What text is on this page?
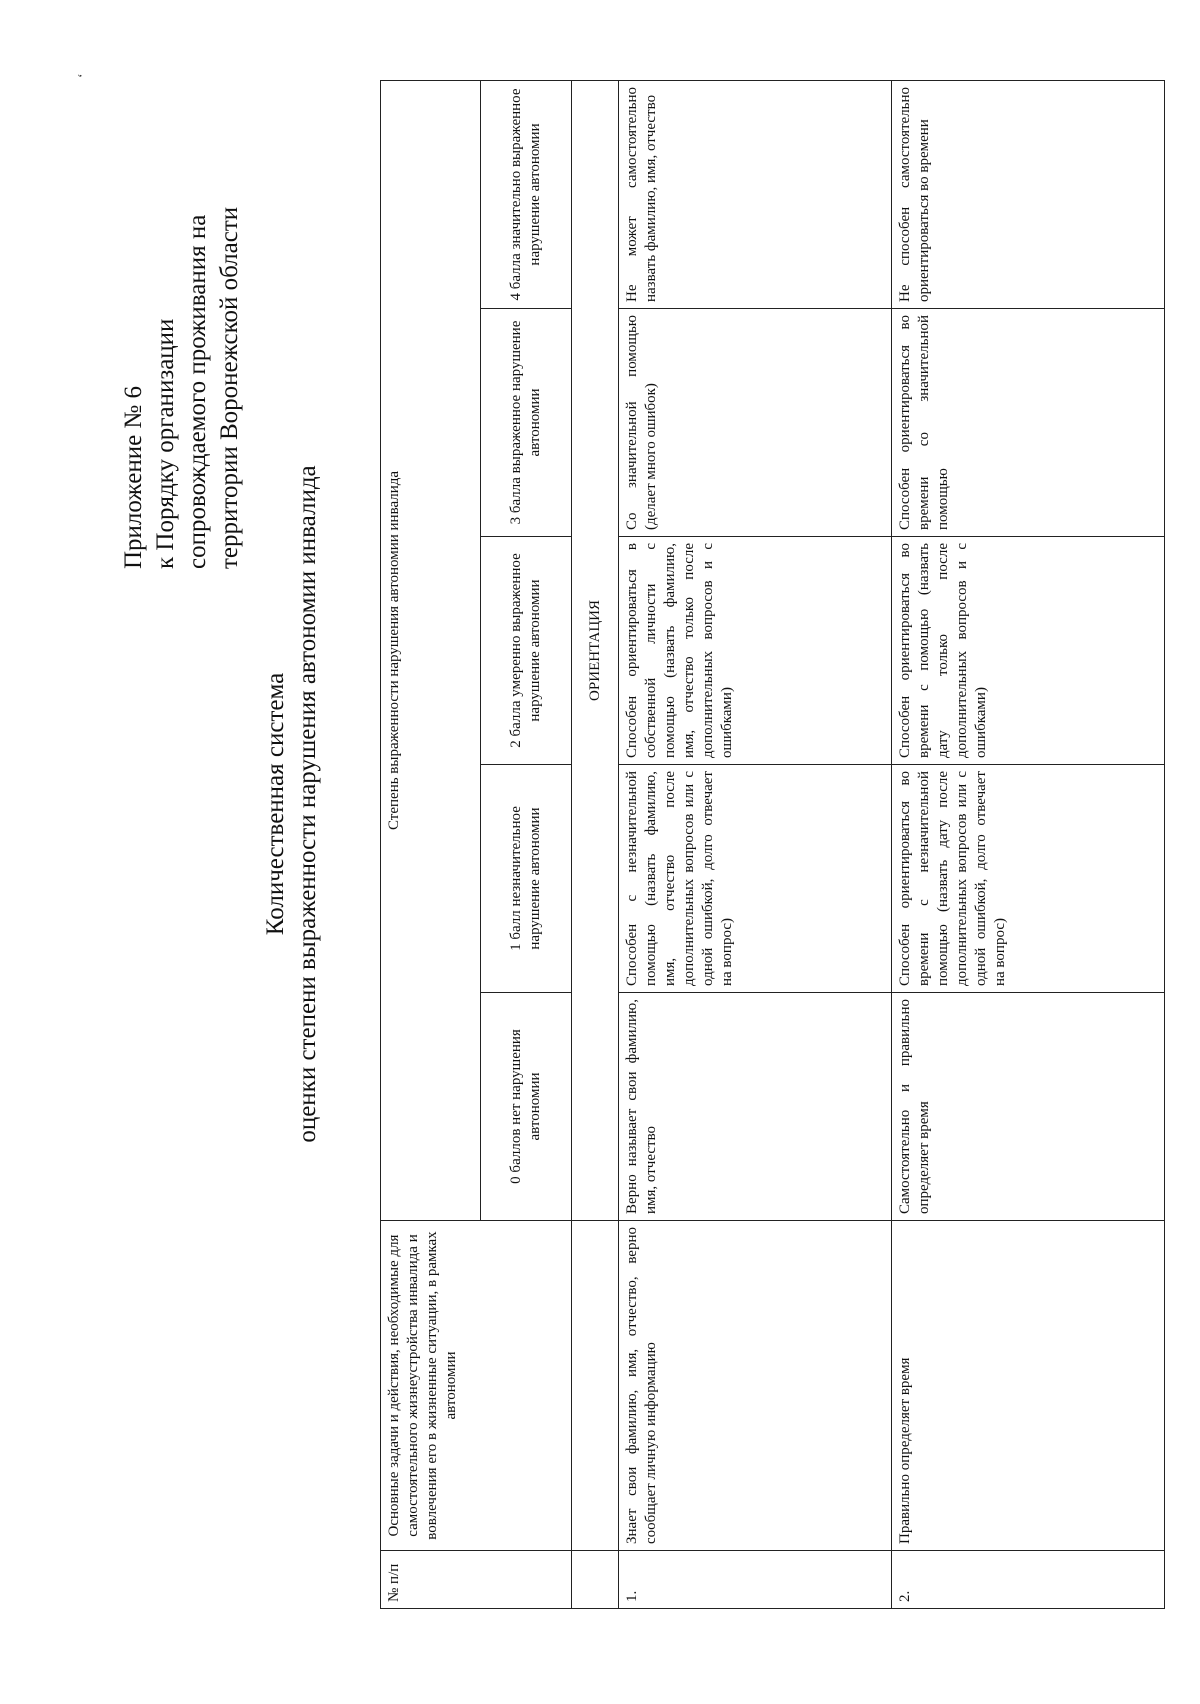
‘
Приложение № 6 к Порядку организации сопровождаемого проживания на территории Воронежской области
Количественная система оценки степени выраженности нарушения автономии инвалида
№ п/п	Основные задачи и действия, необходимые для самостоятельного жизнеустройства инвалида и вовлечения его в жизненные ситуации, в рамках автономии	Степень выраженности нарушения автономии инвалида				
		0 баллов нет нарушения автономии	1 балл незначительное нарушение автономии	2 балла умеренно выраженное нарушение автономии	3 балла выраженное нарушение автономии	4 балла значительно выраженное нарушение автономии
		ОРИЕНТАЦИЯ				
1.	Знает свои фамилию, имя, отчество, верно сообщает личную информацию	Верно называет свои фамилию, имя, отчество	Способен с незначительной помощью (назвать фамилию, имя, отчество после дополнительных вопросов или с одной ошибкой, долго отвечает на вопрос)	Способен ориентироваться в собственной личности с помощью (назвать фамилию, имя, отчество только после дополнительных вопросов и с ошибками)	Со значительной помощью (делает много ошибок)	Не может самостоятельно назвать фамилию, имя, отчество
2.	Правильно определяет время	Самостоятельно и правильно определяет время	Способен ориентироваться во времени с незначительной помощью (назвать дату после дополнительных вопросов или с одной ошибкой, долго отвечает на вопрос)	Способен ориентироваться во времени с помощью (назвать дату только после дополнительных вопросов и с ошибками)	Способен ориентироваться во времени со значительной помощью	Не способен самостоятельно ориентироваться во времени
